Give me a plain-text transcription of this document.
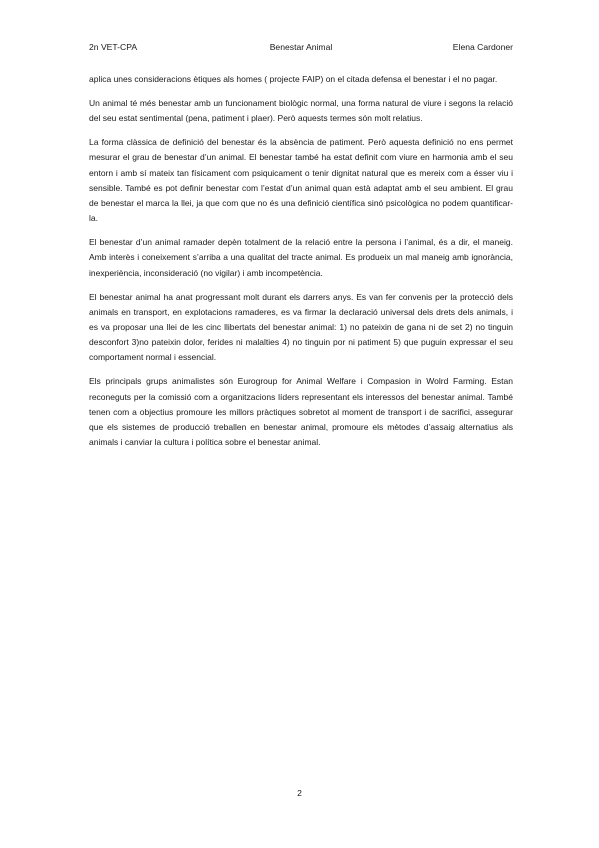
2n VET-CPA	Benestar Animal	Elena Cardoner

aplica unes consideracions ètiques als homes ( projecte FAIP) on el citada defensa el benestar i el no pagar.

Un animal té més benestar amb un funcionament biològic normal, una forma natural de viure i segons la relació del seu estat sentimental (pena, patiment i plaer). Però aquests termes són molt relatius.

La forma clàssica de definició del benestar és la absència de patiment. Però aquesta definició no ens permet mesurar el grau de benestar d’un animal. El benestar també ha estat definit com viure en harmonia amb el seu entorn i amb sí mateix tan físicament com psiquicament o tenir dignitat natural que es mereix com a ésser viu i sensible. També es pot definir benestar com l’estat d’un animal quan està adaptat amb el seu ambient. El grau de benestar el marca la llei, ja que com que no és una definició científica sinó psicològica no podem quantificar-la.

El benestar d’un animal ramader depèn totalment de la relació entre la persona i l’animal, és a dir, el maneig. Amb interès i coneixement s’arriba a una qualitat del tracte animal. Es produeix un mal maneig amb ignorància, inexperiència, inconsideració (no vigilar) i amb incompetència.

El benestar animal ha anat progressant molt durant els darrers anys. Es van fer convenis per la protecció dels animals en transport, en explotacions ramaderes, es va firmar la declaració universal dels drets dels animals, i es va proposar una llei de les cinc llibertats del benestar animal: 1) no pateixin de gana ni de set 2) no tinguin desconfort 3)no pateixin dolor, ferides ni malalties 4) no tinguin por ni patiment 5) que puguin expressar el seu comportament normal i essencial.

Els principals grups animalistes són Eurogroup for Animal Welfare i Compasion in Wolrd Farming. Estan reconeguts per la comissió com a organitzacions líders representant els interessos del benestar animal. També tenen com a objectius promoure les millors pràctiques sobretot al moment de transport i de sacrifici, assegurar que els sistemes de producció treballen en benestar animal, promoure els mètodes d’assaig alternatius als animals i canviar la cultura i política sobre el benestar animal.

2
